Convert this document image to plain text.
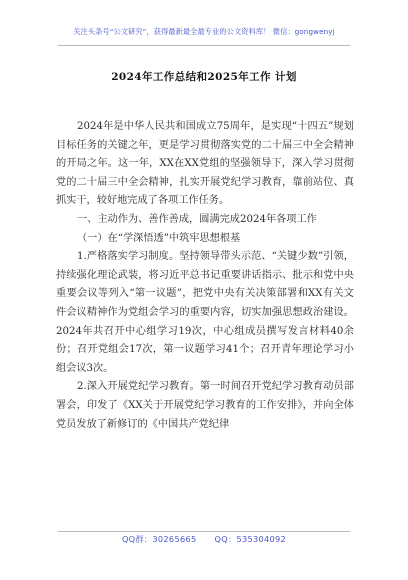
关注头条号“公文研究”，获得最新最全最专业的公文资料库！ 微信：gongwenyj
2024年工作总结和2025年工作 计划

2024年是中华人民共和国成立75周年，是实现“十四五”规划目标任务的关键之年，更是学习贯彻落实党的二十届三中全会精神的开局之年。这一年，XX在XX党组的坚强领导下，深入学习贯彻党的二十届三中全会精神，扎实开展党纪学习教育，靠前站位、真抓实干，较好地完成了各项工作任务。

一、主动作为、善作善成，圆满完成2024年各项工作

（一）在“学深悟透”中筑牢思想根基

1.严格落实学习制度。坚持领导带头示范、“关键少数”引领，持续强化理论武装，将习近平总书记重要讲话指示、批示和党中央重要会议等列入“第一议题”，把党中央有关决策部署和XX有关文件会议精神作为党组会学习的重要内容，切实加强思想政治建设。2024年共召开中心组学习19次，中心组成员撰写发言材料40余份；召开党组会17次，第一议题学习41个；召开青年理论学习小组会议3次。

2.深入开展党纪学习教育。第一时间召开党纪学习教育动员部署会，印发了《XX关于开展党纪学习教育的工作安排》，并向全体党员发放了新修订的《中国共产党纪律

QQ群：30265665 QQ：535304092
